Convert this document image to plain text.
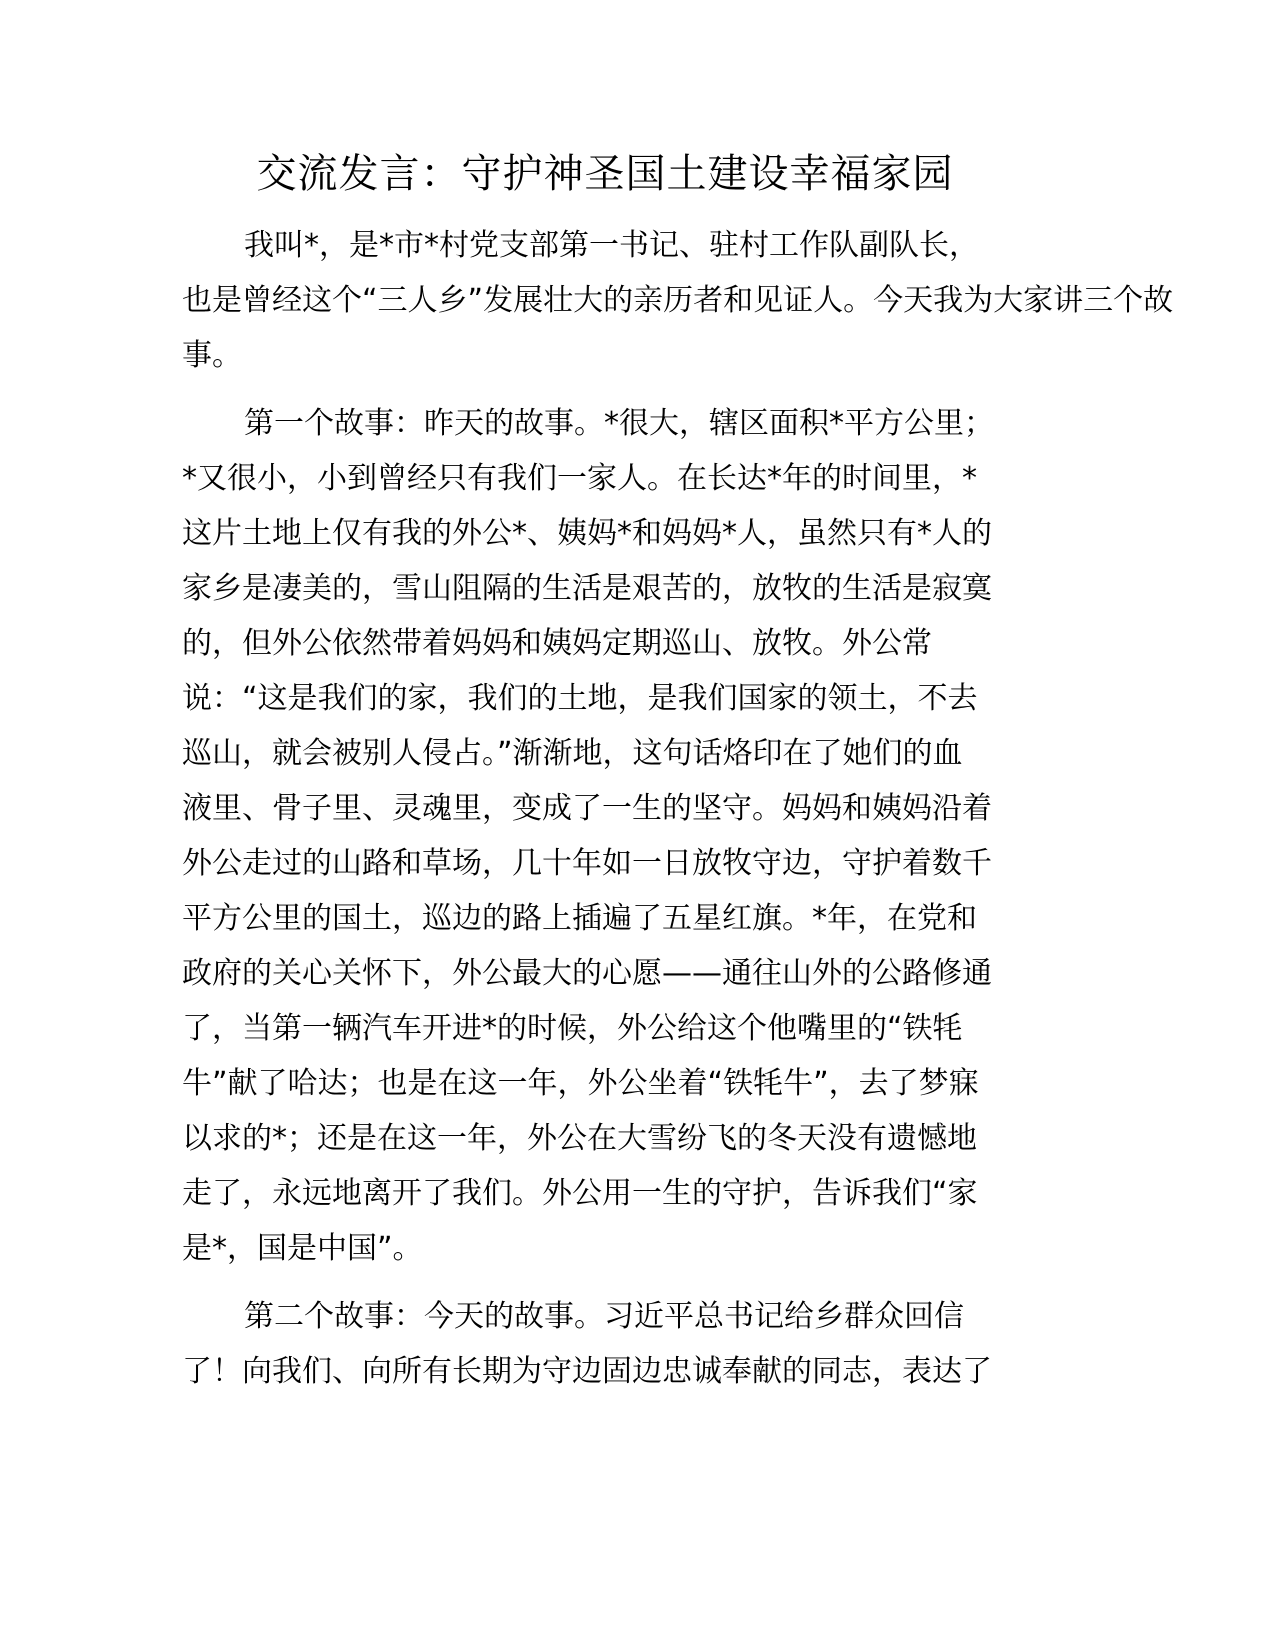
交流发言：守护神圣国土建设幸福家园
我叫*，是*市*村党支部第一书记、驻村工作队副队长，
也是曾经这个“三人乡”发展壮大的亲历者和见证人。今天我为大家讲三个故
事。
第一个故事：昨天的故事。*很大，辖区面积*平方公里；
*又很小，小到曾经只有我们一家人。在长达*年的时间里，*
这片土地上仅有我的外公*、姨妈*和妈妈*人，虽然只有*人的
家乡是凄美的，雪山阻隔的生活是艰苦的，放牧的生活是寂寞
的，但外公依然带着妈妈和姨妈定期巡山、放牧。外公常
说：“这是我们的家，我们的土地，是我们国家的领土，不去
巡山，就会被别人侵占。”渐渐地，这句话烙印在了她们的血
液里、骨子里、灵魂里，变成了一生的坚守。妈妈和姨妈沿着
外公走过的山路和草场，几十年如一日放牧守边，守护着数千
平方公里的国土，巡边的路上插遍了五星红旗。*年，在党和
政府的关心关怀下，外公最大的心愿——通往山外的公路修通
了，当第一辆汽车开进*的时候，外公给这个他嘴里的“铁牦
牛”献了哈达；也是在这一年，外公坐着“铁牦牛”，去了梦寐
以求的*；还是在这一年，外公在大雪纷飞的冬天没有遗憾地
走了，永远地离开了我们。外公用一生的守护，告诉我们“家
是*，国是中国”。
第二个故事：今天的故事。习近平总书记给乡群众回信
了！向我们、向所有长期为守边固边忠诚奉献的同志，表达了
